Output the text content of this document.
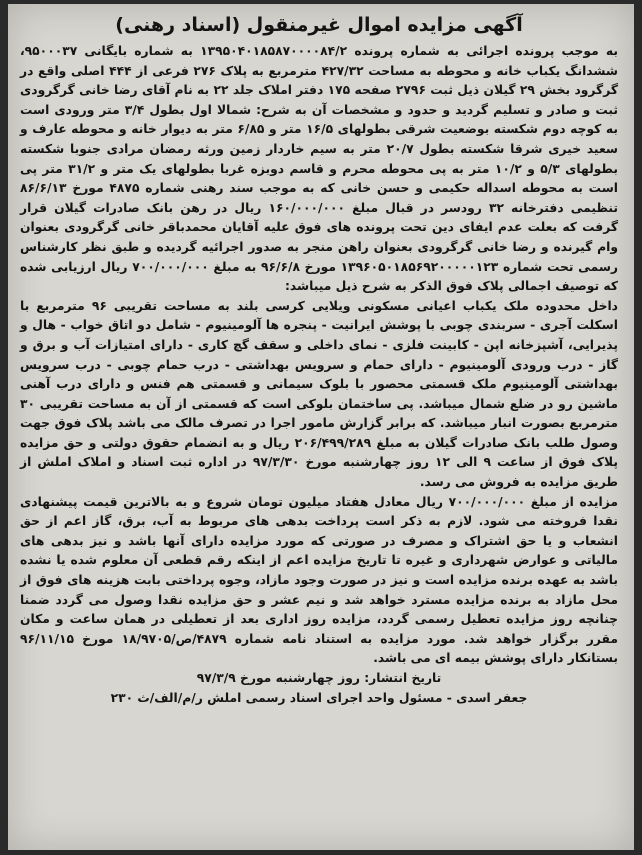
آگهی مزایده اموال غیرمنقول (اسناد رهنی)

به موجب پرونده اجرائی به شماره پرونده ۱۳۹۵۰۴۰۱۸۵۸۷۰۰۰۰۸۴/۲ به شماره بایگانی ۹۵۰۰۰۳۷، ششدانگ یکباب خانه و محوطه به مساحت ۴۲۷/۳۲ مترمربع به پلاک ۲۷۶ فرعی از ۴۴۴ اصلی واقع در گرگرود بخش ۲۹ گیلان ذیل ثبت ۲۷۹۶ صفحه ۱۷۵ دفتر املاک جلد ۲۲ به نام آقای رضا خانی گرگرودی ثبت و صادر و تسلیم گردید و حدود و مشخصات آن به شرح: شمالا اول بطول ۳/۴ متر ورودی است به کوچه دوم شکسته بوضعیت شرقی بطولهای ۱۶/۵ متر و ۶/۸۵ متر به دیوار خانه و محوطه عارف و سعید خیری شرقا شکسته بطول ۲۰/۷ متر به سیم خاردار زمین ورثه رمضان مرادی جنوبا شکسته بطولهای ۵/۳ و ۱۰/۲ متر به پی محوطه محرم و قاسم دوبزه غربا بطولهای یک متر و ۳۱/۲ متر پی است به محوطه اسداله حکیمی و حسن خانی که به موجب سند رهنی شماره ۴۸۷۵ مورخ ۸۶/۶/۱۳ تنظیمی دفترخانه ۳۲ رودسر در قبال مبلغ ۱۶۰/۰۰۰/۰۰۰ ریال در رهن بانک صادرات گیلان قرار گرفت که بعلت عدم ایفای دین تحت پرونده های فوق علیه آقایان محمدباقر خانی گرگرودی بعنوان وام گیرنده و رضا خانی گرگرودی بعنوان راهن منجر به صدور اجرائیه گردیده و طبق نظر کارشناس رسمی تحت شماره ۱۳۹۶۰۵۰۱۸۵۶۹۲۰۰۰۰۰۱۲۳ مورخ ۹۶/۶/۸ به مبلغ ۷۰۰/۰۰۰/۰۰۰ ریال ارزیابی شده که توصیف اجمالی پلاک فوق الذکر به شرح ذیل میباشد:

داخل محدوده ملک یکباب اعیانی مسکونی ویلایی کرسی بلند به مساحت تقریبی ۹۶ مترمربع با اسکلت آجری - سربندی چوبی با پوشش ایرانیت - پنجره ها آلومینیوم - شامل دو اتاق خواب - هال و پذیرایی، آشپزخانه اپن - کابینت فلزی - نمای داخلی و سقف گچ کاری - دارای امتیازات آب و برق و گاز - درب ورودی آلومینیوم - دارای حمام و سرویس بهداشتی - درب حمام چوبی - درب سرویس بهداشتی آلومینیوم ملک قسمتی محصور با بلوک سیمانی و قسمتی هم فنس و دارای درب آهنی ماشین رو در ضلع شمال میباشد. پی ساختمان بلوکی است که قسمتی از آن به مساحت تقریبی ۳۰ مترمربع بصورت انبار میباشد. که برابر گزارش مامور اجرا در تصرف مالک می باشد پلاک فوق جهت وصول طلب بانک صادرات گیلان به مبلغ ۲۰۶/۴۹۹/۲۸۹ ریال و به انضمام حقوق دولتی و حق مزایده پلاک فوق از ساعت ۹ الی ۱۲ روز چهارشنبه مورخ ۹۷/۳/۳۰ در اداره ثبت اسناد و املاک املش از طریق مزایده به فروش می رسد.

مزایده از مبلغ ۷۰۰/۰۰۰/۰۰۰ ریال معادل هفتاد میلیون تومان شروع و به بالاترین قیمت پیشنهادی نقدا فروخته می شود. لازم به ذکر است پرداخت بدهی های مربوط به آب، برق، گاز اعم از حق انشعاب و یا حق اشتراک و مصرف در صورتی که مورد مزایده دارای آنها باشد و نیز بدهی های مالیاتی و عوارض شهرداری و غیره تا تاریخ مزایده اعم از اینکه رقم قطعی آن معلوم شده یا نشده باشد به عهده برنده مزایده است و نیز در صورت وجود مازاد، وجوه پرداختی بابت هزینه های فوق از محل مازاد به برنده مزایده مسترد خواهد شد و نیم عشر و حق مزایده نقدا وصول می گردد ضمنا چنانچه روز مزایده تعطیل رسمی گردد، مزایده روز اداری بعد از تعطیلی در همان ساعت و مکان مقرر برگزار خواهد شد. مورد مزایده به استناد نامه شماره ۴۸۷۹/ص/۱۸/۹۷۰۵ مورخ ۹۶/۱۱/۱۵ بستانکار دارای پوشش بیمه ای می باشد.

تاریخ انتشار: روز چهارشنبه مورخ ۹۷/۳/۹

جعفر اسدی - مسئول واحد اجرای اسناد رسمی املش ر/م/الف/ث ۲۳۰
